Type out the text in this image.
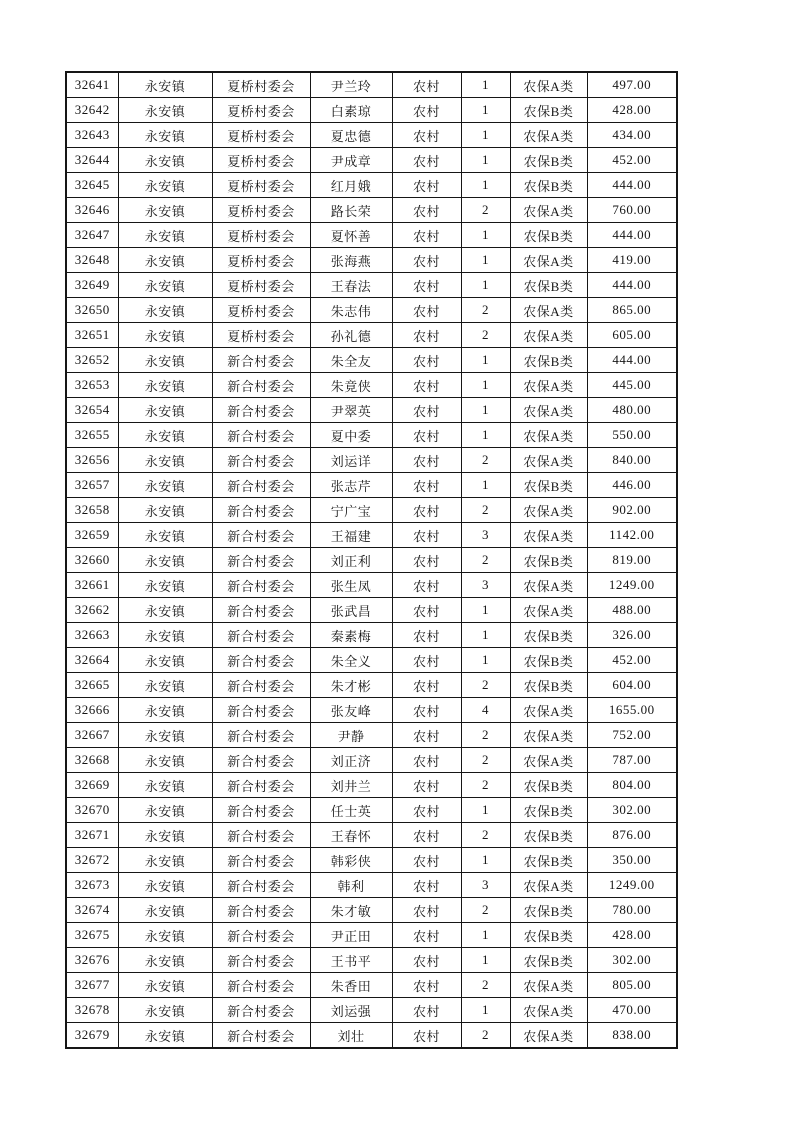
32641	永安镇	夏桥村委会	尹兰玲	农村	1	农保A类	497.00
32642	永安镇	夏桥村委会	白素琼	农村	1	农保B类	428.00
32643	永安镇	夏桥村委会	夏忠德	农村	1	农保A类	434.00
32644	永安镇	夏桥村委会	尹成章	农村	1	农保B类	452.00
32645	永安镇	夏桥村委会	红月娥	农村	1	农保B类	444.00
32646	永安镇	夏桥村委会	路长荣	农村	2	农保A类	760.00
32647	永安镇	夏桥村委会	夏怀善	农村	1	农保B类	444.00
32648	永安镇	夏桥村委会	张海燕	农村	1	农保A类	419.00
32649	永安镇	夏桥村委会	王春法	农村	1	农保B类	444.00
32650	永安镇	夏桥村委会	朱志伟	农村	2	农保A类	865.00
32651	永安镇	夏桥村委会	孙礼德	农村	2	农保A类	605.00
32652	永安镇	新合村委会	朱全友	农村	1	农保B类	444.00
32653	永安镇	新合村委会	朱竟侠	农村	1	农保A类	445.00
32654	永安镇	新合村委会	尹翠英	农村	1	农保A类	480.00
32655	永安镇	新合村委会	夏中委	农村	1	农保A类	550.00
32656	永安镇	新合村委会	刘运详	农村	2	农保A类	840.00
32657	永安镇	新合村委会	张志芹	农村	1	农保B类	446.00
32658	永安镇	新合村委会	宁广宝	农村	2	农保A类	902.00
32659	永安镇	新合村委会	王福建	农村	3	农保A类	1142.00
32660	永安镇	新合村委会	刘正利	农村	2	农保B类	819.00
32661	永安镇	新合村委会	张生凤	农村	3	农保A类	1249.00
32662	永安镇	新合村委会	张武昌	农村	1	农保A类	488.00
32663	永安镇	新合村委会	秦素梅	农村	1	农保B类	326.00
32664	永安镇	新合村委会	朱全义	农村	1	农保B类	452.00
32665	永安镇	新合村委会	朱才彬	农村	2	农保B类	604.00
32666	永安镇	新合村委会	张友峰	农村	4	农保A类	1655.00
32667	永安镇	新合村委会	尹静	农村	2	农保A类	752.00
32668	永安镇	新合村委会	刘正济	农村	2	农保A类	787.00
32669	永安镇	新合村委会	刘井兰	农村	2	农保B类	804.00
32670	永安镇	新合村委会	任士英	农村	1	农保B类	302.00
32671	永安镇	新合村委会	王春怀	农村	2	农保B类	876.00
32672	永安镇	新合村委会	韩彩侠	农村	1	农保B类	350.00
32673	永安镇	新合村委会	韩利	农村	3	农保A类	1249.00
32674	永安镇	新合村委会	朱才敏	农村	2	农保B类	780.00
32675	永安镇	新合村委会	尹正田	农村	1	农保B类	428.00
32676	永安镇	新合村委会	王书平	农村	1	农保B类	302.00
32677	永安镇	新合村委会	朱香田	农村	2	农保A类	805.00
32678	永安镇	新合村委会	刘运强	农村	1	农保A类	470.00
32679	永安镇	新合村委会	刘壮	农村	2	农保A类	838.00
